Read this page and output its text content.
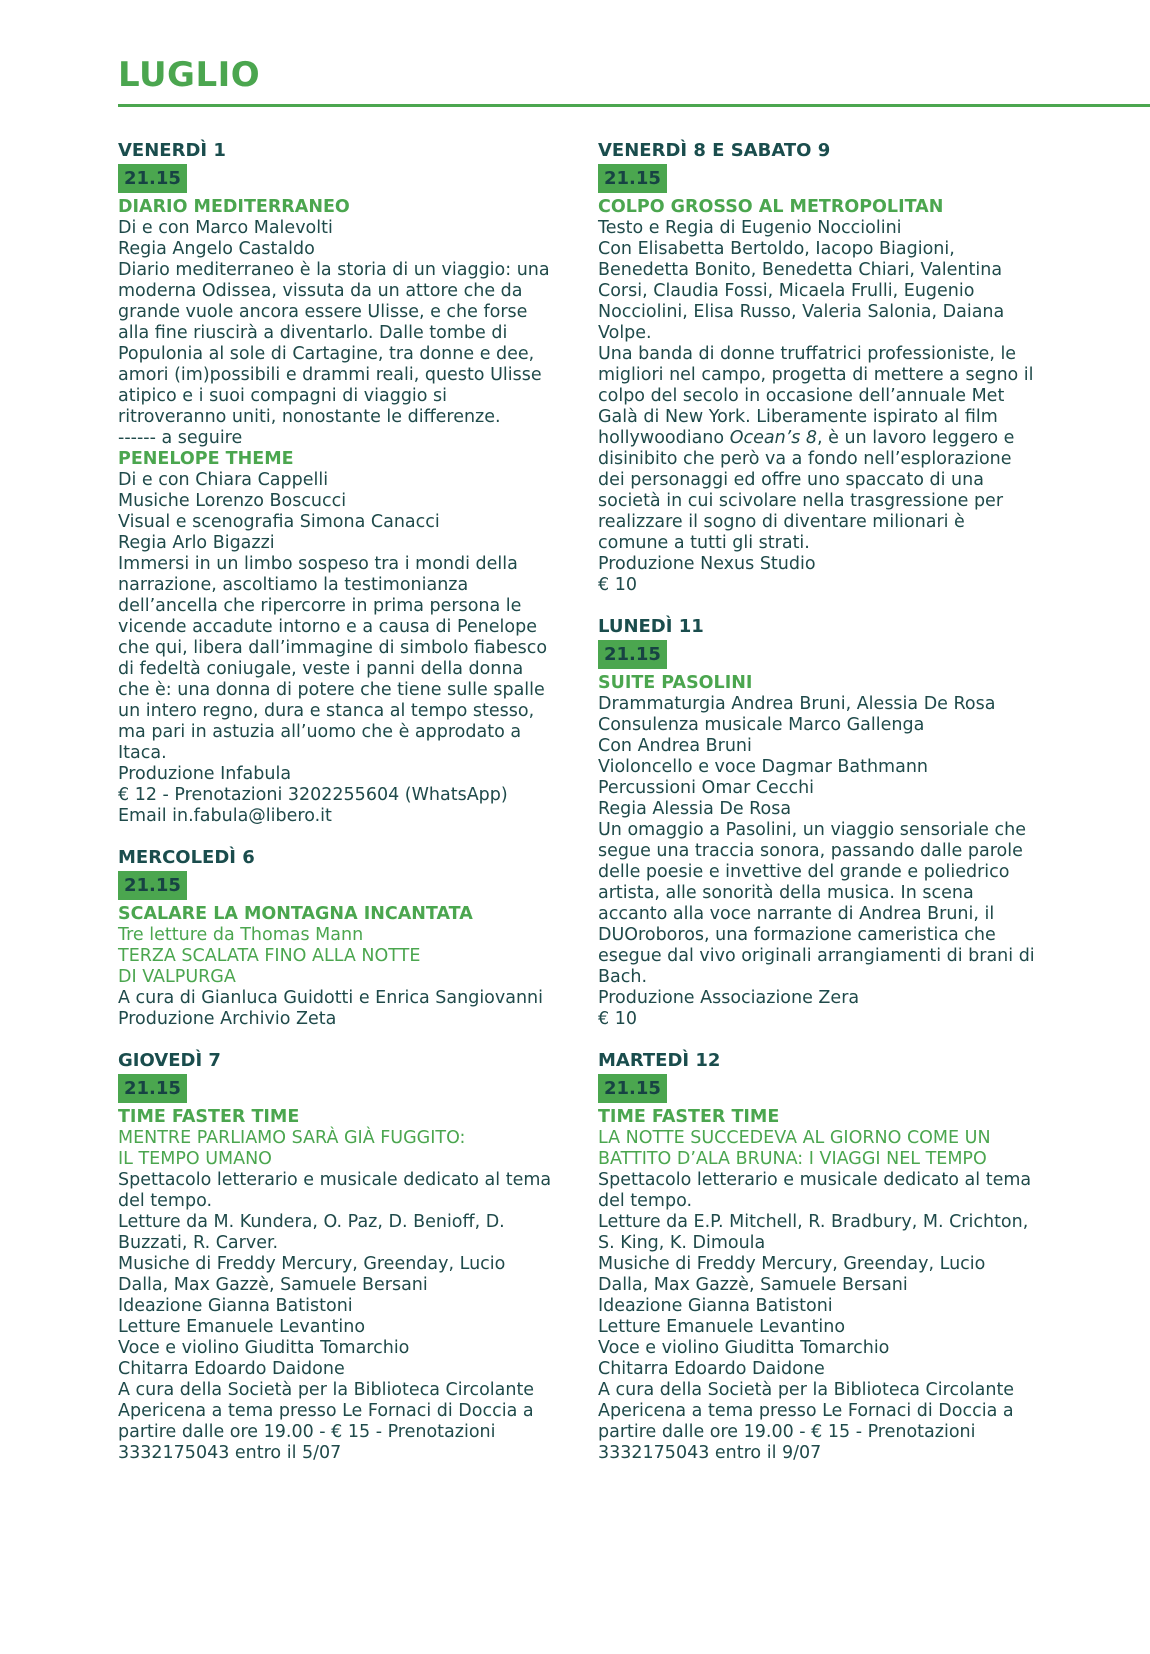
LUGLIO
VENERDÌ 1
21.15
DIARIO MEDITERRANEO
Di e con Marco Malevolti
Regia Angelo Castaldo
Diario mediterraneo è la storia di un viaggio: una moderna Odissea, vissuta da un attore che da grande vuole ancora essere Ulisse, e che forse alla fine riuscirà a diventarlo. Dalle tombe di Populonia al sole di Cartagine, tra donne e dee, amori (im)possibili e drammi reali, questo Ulisse atipico e i suoi compagni di viaggio si ritroveranno uniti, nonostante le differenze.
------ a seguire
PENELOPE THEME
Di e con Chiara Cappelli
Musiche Lorenzo Boscucci
Visual e scenografia Simona Canacci
Regia Arlo Bigazzi
Immersi in un limbo sospeso tra i mondi della narrazione, ascoltiamo la testimonianza dell’ancella che ripercorre in prima persona le vicende accadute intorno e a causa di Penelope che qui, libera dall’immagine di simbolo fiabesco di fedeltà coniugale, veste i panni della donna che è: una donna di potere che tiene sulle spalle un intero regno, dura e stanca al tempo stesso, ma pari in astuzia all’uomo che è approdato a Itaca.
Produzione Infabula
€ 12 - Prenotazioni 3202255604 (WhatsApp)
Email in.fabula@libero.it
MERCOLEDÌ 6
21.15
SCALARE LA MONTAGNA INCANTATA
Tre letture da Thomas Mann
TERZA SCALATA FINO ALLA NOTTE
DI VALPURGA
A cura di Gianluca Guidotti e Enrica Sangiovanni
Produzione Archivio Zeta
GIOVEDÌ 7
21.15
TIME FASTER TIME
MENTRE PARLIAMO SARÀ GIÀ FUGGITO:
IL TEMPO UMANO
Spettacolo letterario e musicale dedicato al tema del tempo.
Letture da M. Kundera, O. Paz, D. Benioff, D. Buzzati, R. Carver.
Musiche di Freddy Mercury, Greenday, Lucio Dalla, Max Gazzè, Samuele Bersani
Ideazione Gianna Batistoni
Letture Emanuele Levantino
Voce e violino Giuditta Tomarchio
Chitarra Edoardo Daidone
A cura della Società per la Biblioteca Circolante
Apericena a tema presso Le Fornaci di Doccia a partire dalle ore 19.00 - € 15 - Prenotazioni 3332175043 entro il 5/07
VENERDÌ 8 E SABATO 9
21.15
COLPO GROSSO AL METROPOLITAN
Testo e Regia di Eugenio Nocciolini
Con Elisabetta Bertoldo, Iacopo Biagioni, Benedetta Bonito, Benedetta Chiari, Valentina Corsi, Claudia Fossi, Micaela Frulli, Eugenio Nocciolini, Elisa Russo, Valeria Salonia, Daiana Volpe.
Una banda di donne truffatrici professioniste, le migliori nel campo, progetta di mettere a segno il colpo del secolo in occasione dell’annuale Met Galà di New York. Liberamente ispirato al film hollywoodiano Ocean’s 8, è un lavoro leggero e disinibito che però va a fondo nell’esplorazione dei personaggi ed offre uno spaccato di una società in cui scivolare nella trasgressione per realizzare il sogno di diventare milionari è comune a tutti gli strati.
Produzione Nexus Studio
€ 10
LUNEDÌ 11
21.15
SUITE PASOLINI
Drammaturgia Andrea Bruni, Alessia De Rosa
Consulenza musicale Marco Gallenga
Con Andrea Bruni
Violoncello e voce Dagmar Bathmann
Percussioni Omar Cecchi
Regia Alessia De Rosa
Un omaggio a Pasolini, un viaggio sensoriale che segue una traccia sonora, passando dalle parole delle poesie e invettive del grande e poliedrico artista, alle sonorità della musica. In scena accanto alla voce narrante di Andrea Bruni, il DUOroboros, una formazione cameristica che esegue dal vivo originali arrangiamenti di brani di Bach.
Produzione Associazione Zera
€ 10
MARTEDÌ 12
21.15
TIME FASTER TIME
LA NOTTE SUCCEDEVA AL GIORNO COME UN
BATTITO D’ALA BRUNA: I VIAGGI NEL TEMPO
Spettacolo letterario e musicale dedicato al tema del tempo.
Letture da E.P. Mitchell, R. Bradbury, M. Crichton, S. King, K. Dimoula
Musiche di Freddy Mercury, Greenday, Lucio Dalla, Max Gazzè, Samuele Bersani
Ideazione Gianna Batistoni
Letture Emanuele Levantino
Voce e violino Giuditta Tomarchio
Chitarra Edoardo Daidone
A cura della Società per la Biblioteca Circolante
Apericena a tema presso Le Fornaci di Doccia a partire dalle ore 19.00 - € 15 - Prenotazioni 3332175043 entro il 9/07
